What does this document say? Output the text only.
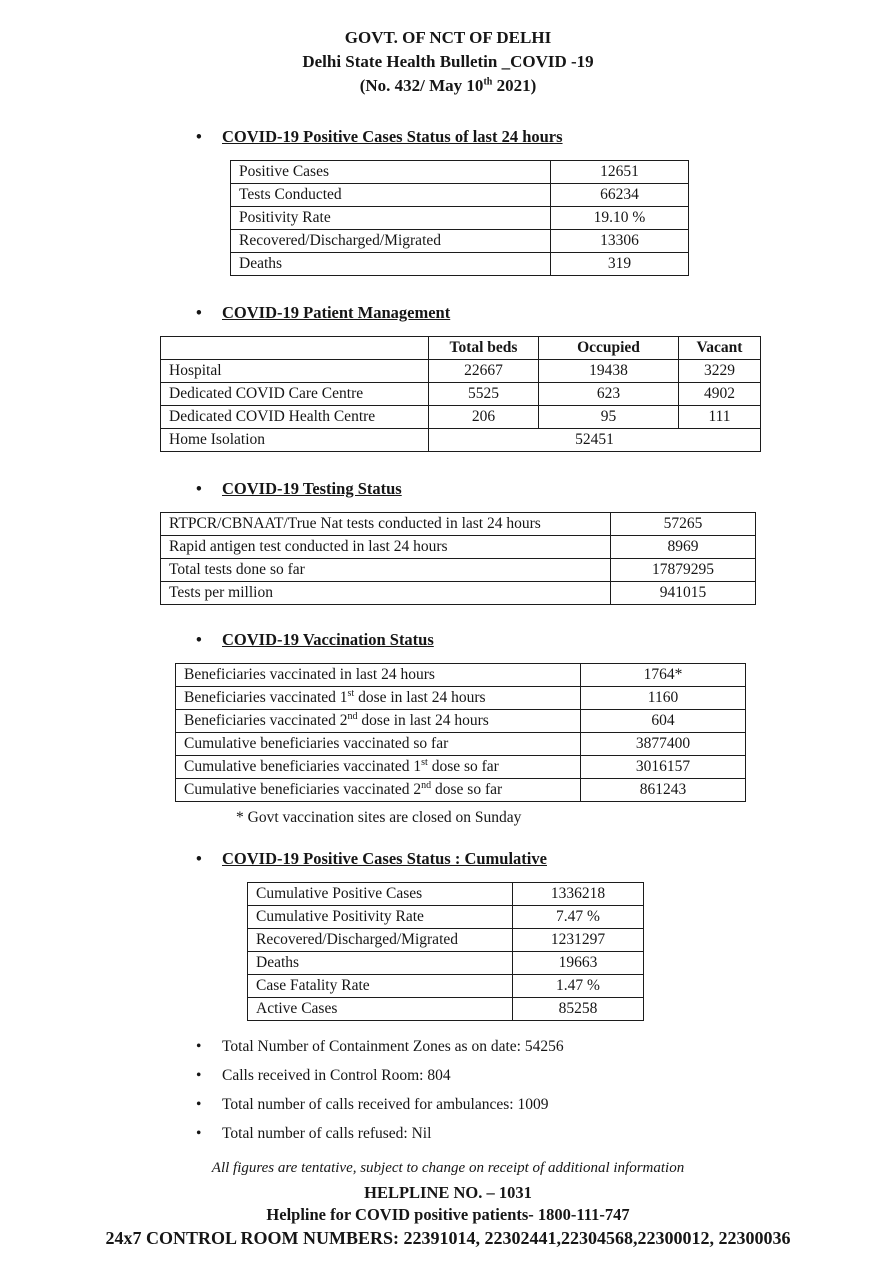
GOVT. OF NCT OF DELHI
Delhi State Health Bulletin _COVID -19
(No. 432/ May 10th 2021)
• COVID-19 Positive Cases Status of last 24 hours
Positive Cases	12651
Tests Conducted	66234
Positivity Rate	19.10 %
Recovered/Discharged/Migrated	13306
Deaths	319
• COVID-19 Patient Management
	Total beds	Occupied	Vacant
Hospital	22667	19438	3229
Dedicated COVID Care Centre	5525	623	4902
Dedicated COVID Health Centre	206	95	111
Home Isolation	52451		
• COVID-19 Testing Status
RTPCR/CBNAAT/True Nat tests conducted in last 24 hours	57265
Rapid antigen test conducted in last 24 hours	8969
Total tests done so far	17879295
Tests per million	941015
• COVID-19 Vaccination Status
Beneficiaries vaccinated in last 24 hours	1764*
Beneficiaries vaccinated 1st dose in last 24 hours	1160
Beneficiaries vaccinated 2nd dose in last 24 hours	604
Cumulative beneficiaries vaccinated so far	3877400
Cumulative beneficiaries vaccinated 1st dose so far	3016157
Cumulative beneficiaries vaccinated 2nd dose so far	861243
* Govt vaccination sites are closed on Sunday
• COVID-19 Positive Cases Status : Cumulative
Cumulative Positive Cases	1336218
Cumulative Positivity Rate	7.47 %
Recovered/Discharged/Migrated	1231297
Deaths	19663
Case Fatality Rate	1.47 %
Active Cases	85258
• Total Number of Containment Zones as on date: 54256
• Calls received in Control Room: 804
• Total number of calls received for ambulances: 1009
• Total number of calls refused: Nil
All figures are tentative, subject to change on receipt of additional information
HELPLINE NO. – 1031
Helpline for COVID positive patients- 1800-111-747
24x7 CONTROL ROOM NUMBERS: 22391014, 22302441,22304568,22300012, 22300036
